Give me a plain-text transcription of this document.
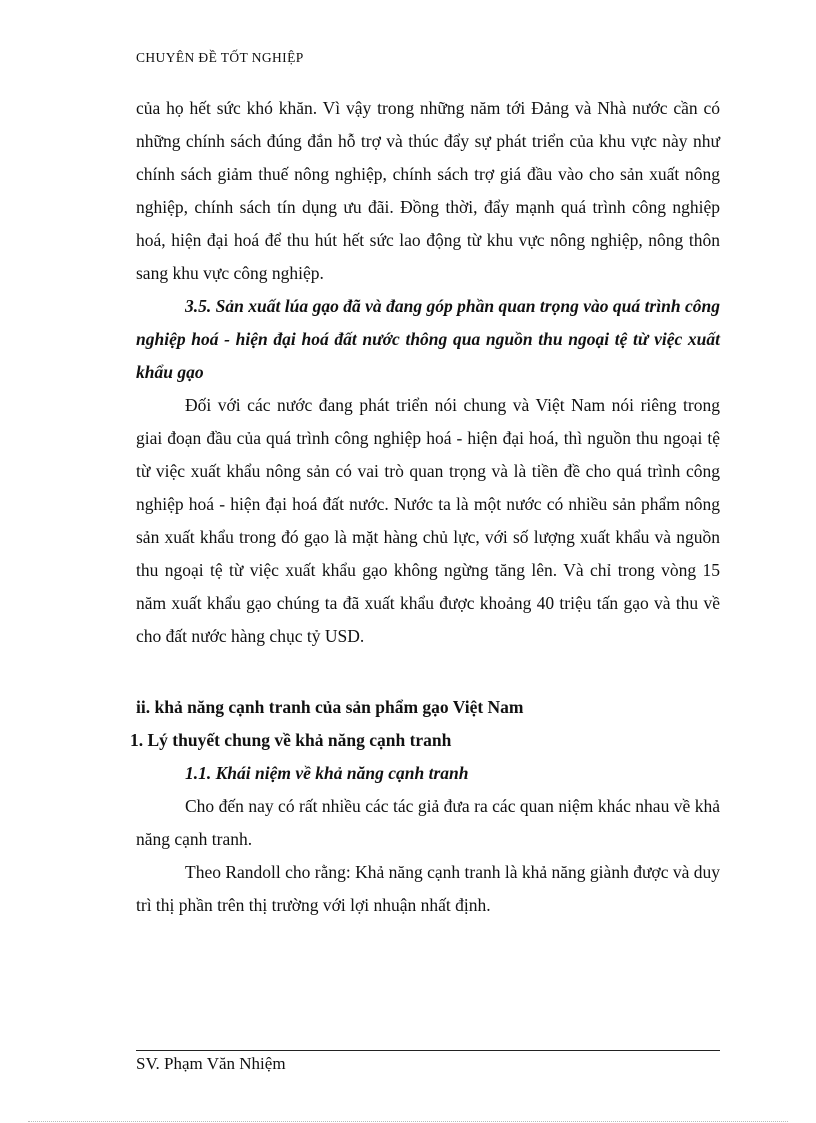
CHUYÊN ĐỀ TỐT NGHIỆP

của họ hết sức khó khăn. Vì vậy trong những năm tới Đảng và Nhà nước cần có những chính sách đúng đắn hỗ trợ và thúc đẩy sự phát triển của khu vực này như chính sách giảm thuế nông nghiệp, chính sách trợ giá đầu vào cho sản xuất nông nghiệp, chính sách tín dụng ưu đãi. Đồng thời, đẩy mạnh quá trình công nghiệp hoá, hiện đại hoá để thu hút hết sức lao động từ khu vực nông nghiệp, nông thôn sang khu vực công nghiệp.

3.5. Sản xuất lúa gạo đã và đang góp phần quan trọng vào quá trình công nghiệp hoá - hiện đại hoá đất nước thông qua nguồn thu ngoại tệ từ việc xuất khẩu gạo

Đối với các nước đang phát triển nói chung và Việt Nam nói riêng trong giai đoạn đầu của quá trình công nghiệp hoá - hiện đại hoá, thì nguồn thu ngoại tệ từ việc xuất khẩu nông sản có vai trò quan trọng và là tiền đề cho quá trình công nghiệp hoá - hiện đại hoá đất nước. Nước ta là một nước có nhiều sản phẩm nông sản xuất khẩu trong đó gạo là mặt hàng chủ lực, với số lượng xuất khẩu và nguồn thu ngoại tệ từ việc xuất khẩu gạo không ngừng tăng lên. Và chỉ trong vòng 15 năm xuất khẩu gạo chúng ta đã xuất khẩu được khoảng 40 triệu tấn gạo và thu về cho đất nước hàng chục tỷ USD.

ii. khả năng cạnh tranh của sản phẩm gạo Việt Nam

1. Lý thuyết chung về khả năng cạnh tranh

1.1. Khái niệm về khả năng cạnh tranh

Cho đến nay có rất nhiều các tác giả đưa ra các quan niệm khác nhau về khả năng cạnh tranh.

Theo Randoll cho rằng: Khả năng cạnh tranh là khả năng giành được và duy trì thị phần trên thị trường với lợi nhuận nhất định.

SV. Phạm Văn Nhiệm
